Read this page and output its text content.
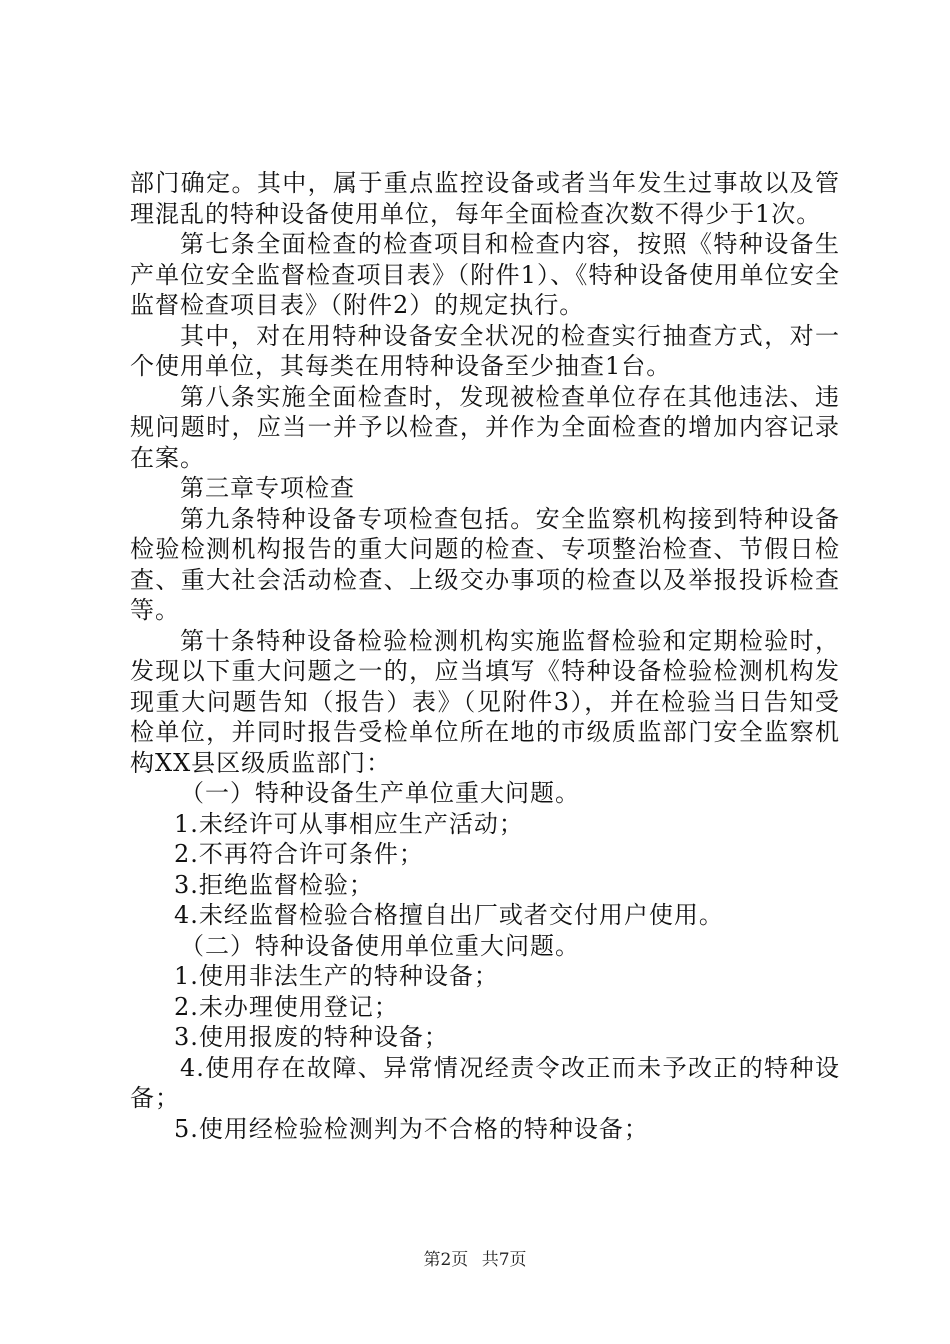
部门确定。其中，属于重点监控设备或者当年发生过事故以及管理混乱的特种设备使用单位，每年全面检查次数不得少于1次。

第七条全面检查的检查项目和检查内容，按照《特种设备生产单位安全监督检查项目表》（附件1）、《特种设备使用单位安全监督检查项目表》（附件2）的规定执行。

其中，对在用特种设备安全状况的检查实行抽查方式，对一个使用单位，其每类在用特种设备至少抽查1台。

第八条实施全面检查时，发现被检查单位存在其他违法、违规问题时，应当一并予以检查，并作为全面检查的增加内容记录在案。

第三章专项检查

第九条特种设备专项检查包括。安全监察机构接到特种设备检验检测机构报告的重大问题的检查、专项整治检查、节假日检查、重大社会活动检查、上级交办事项的检查以及举报投诉检查等。

第十条特种设备检验检测机构实施监督检验和定期检验时，发现以下重大问题之一的，应当填写《特种设备检验检测机构发现重大问题告知（报告）表》（见附件3），并在检验当日告知受检单位，并同时报告受检单位所在地的市级质监部门安全监察机构XX县区级质监部门：

（一）特种设备生产单位重大问题。

1.未经许可从事相应生产活动；

2.不再符合许可条件；

3.拒绝监督检验；

4.未经监督检验合格擅自出厂或者交付用户使用。

（二）特种设备使用单位重大问题。

1.使用非法生产的特种设备；

2.未办理使用登记；

3.使用报废的特种设备；

4.使用存在故障、异常情况经责令改正而未予改正的特种设备；

5.使用经检验检测判为不合格的特种设备；

第2页 共7页
